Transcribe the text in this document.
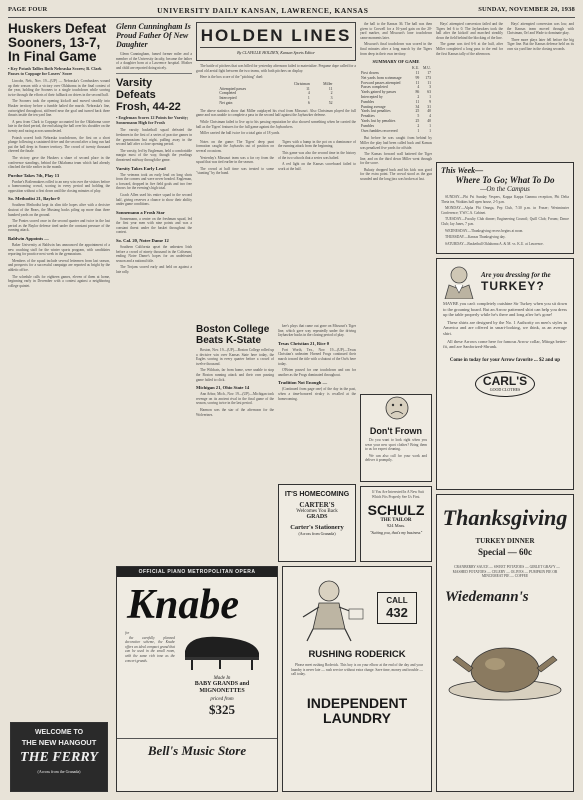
PAGE FOUR	UNIVERSITY DAILY KANSAN, LAWRENCE, KANSAS	SUNDAY, NOVEMBER 20, 1938
Huskers Defeat Sooners, 13-7, In Final Game
• Key Potash Tallies Both Nebraska Scores; B. Clark Passes to Coppage for Losers' Score

Lincoln, Neb., Nov. 19—(UP) — Nebraska's Cornhuskers wound up their season with a victory over Oklahoma in the final contest of the year, holding the Sooners to a single touchdown while scoring twice through the efforts of their fullback on drives in the second half.

The Sooners took the opening kickoff and moved steadily into Husker territory before a fumble halted the march. Nebraska's line, outweighed throughout, stiffened near the goal and turned back three thrusts inside the ten yard line.

A pass from Clark to Coppage accounted for the Oklahoma score late in the third period, the end taking the ball over his shoulder on the twenty and racing across unmolested.

Potash scored both Nebraska touchdowns, the first on a short plunge following a sustained drive and the second after a long run had put the ball deep in Sooner territory. The crowd of twenty thousand cheered the finale.

The victory gave the Huskers a share of second place in the conference standings, behind the Oklahoma team which had already clinched the title earlier in the month.

Purdue Takes 7th, Play 13

Purdue's Boilermakers rolled to an easy win over the visitors before a homecoming crowd, scoring in every period and holding the opposition without a first down until the closing minutes of play.

So. Methodist 21, Baylor 0

Southern Methodist kept its slim title hopes alive with a decisive shutout of the Bears, the Mustang backs piling up more than three hundred yards on the ground.

The Ponies scored once in the second quarter and twice in the last period as the Baylor defense tired under the constant pressure of the running attack.

Baldwin Appoints —

Baker University at Baldwin has announced the appointment of a new coaching staff for the winter sports program, with candidates reporting for practice next week in the gymnasium.

Members of the squad include several lettermen from last season, and prospects for a successful campaign are reported as bright by the athletic office.

The schedule calls for eighteen games, eleven of them at home, beginning early in December with a contest against a neighboring college quintet.

WELCOME TO
THE NEW HANGOUT
THE FERRY
(Across from the Granada)
Glenn Cunningham Is Proud Father Of New Daughter

Glenn Cunningham, famed former miler and a member of the University faculty, became the father of a daughter born at a Lawrence hospital. Mother and child are reported doing nicely.

Varsity Defeats Frosh, 44-22
• Engleman Scores 12 Points for Varsity; Sonnemann High for Frosh

The varsity basketball squad defeated the freshmen in the first of a series of practice games in the gymnasium last night, pulling away in the second half after a close opening period.

The varsity, led by Engleman, held a comfortable margin most of the way, though the yearlings threatened midway through the game.

Varsity Takes Early Lead

The veterans took an early lead on long shots from the corners and were never headed. Engleman, a forward, dropped in five field goals and two free throws for the evening's high total.

Coach Allen used his entire squad in the second half, giving reserves a chance to show their ability under game conditions.

Sonnemann a Frosh Star

Sonnemann, a center on the freshman squad, led the first year men with nine points and was a constant threat under the basket throughout the contest.

So. Cal. 20, Notre Dame 12

Southern California upset the unbeaten Irish before a crowd of ninety thousand in the Coliseum, ending Notre Dame's hopes for an undefeated season and a national title.

The Trojans scored early and held on against a late rally.

HOLDEN LINES
By CLAVELLE HOLDEN, Kansan Sports Editor

The battle of pitchers that was billed for yesterday afternoon failed to materialize. Pregame dope called for a good old aerial fight between the two teams, with both pitchers on display.

Here is the box score of the "pitching" duel:

	Christman	Miller
Attempted passes	11	11
Completed	4	2
Intercepted	1	3
Net gain	6	52

The above statistics show that Miller outplayed his rival from Missouri. Also Christman played the full game and was unable to complete a pass in the second half against the Jayhawker defense.

While Christman failed to live up to his passing reputation he also showed something when he carried the ball as the Tigers' features for the full game against the Jayhawkers.

Miller carried the ball twice for a total gain of 18 yards.

Notes on the game: The Tigers' deep punt formation caught the Jayhawks out of position on several occasions.

Yesterday's Missouri team was a far cry from the squad that was tied earlier in the season.

The crowd at half time was treated to some "stunting" by the band.

Tigers with a hump in the pot on a dominance of the running attack from the beginning.

This game was also the second time in the history of the two schools that a series was halted.

A red light on the Kansas scoreboard failed to work at the half.

Boston College Beats K-State

Boston, Nov. 19—(UP)—Boston College rolled up a decisive win over Kansas State here today, the Eagles scoring in every quarter before a crowd of twelve thousand.

The Wildcats, far from home, were unable to stop the Boston running attack and their own passing game failed to click.

Michigan 21, Ohio State 14

Ann Arbor, Mich., Nov. 19—(UP)—Michigan took revenge on its ancient rival in the final game of the season, scoring twice in the last period.

Harmon was the star of the afternoon for the Wolverines.

kee's plays that came out gone on Missouri's Tiger line, which gave way repeatedly under the driving Jayhawker backs in the closing period of play.

Texas Christian 21, Rice 0

Fort Worth, Tex., Nov. 19—(UP)—Texas Christian's unbeaten Horned Frogs continued their march toward the title with a shutout of the Owls here today.

O'Brien passed for one touchdown and ran for another as the Frogs dominated throughout.

Tradition Not Enough —

(Continued from page one) of the day in the past, when a time-honored rivalry is recalled at the homecoming.

the ball to the Kansas 36. The ball was then given to Crowell for a 16-yard gain on the 20-yard marker, and Missouri's lone touchdown came moments later.

Missouri's final touchdown was scored in the final minutes after a long march by the Tigers from deep in their own territory.

SUMMARY OF GAME
	K.U.	M.U.
First downs	11	17
Net yards from scrimmage	99	173
Forward passes attempted	11	11
Passes completed	4	3
Yards gained by passes	86	63
Intercepted by	2	1
Fumbles	11	9
Punting average	34	31
Yards lost penalties	25	40
Penalties	5	4
Yards lost by penalties	25	40
Fumbles	2	1
Own fumbles recovered	1	1

But before he was caught from behind by Miller the play had been called back and Kansas was penalized five yards for offside.

The Kansas forward wall battered the Tiger line, and on the third down Miller went through for the score.

Bukaty dropped back and his kick was good for the extra point. The crowd stood as the gun sounded and the long jinx was broken at last.

Hays' attempted conversion failed and the Tigers led 6 to 0. The Jayhawkers took the ball after the kickoff and marched steadily down the field behind the blocking of the line.

The game was tied 6-6 at the half, after Miller completed a long pass to the end for the first Kansas tally of the afternoon.

Hays' attempted conversion was low, and the Kansas team moved through with Christman, Orf and Wade to dominate play.

Three more plays later fell before the big Tiger line. But the Kansas defense held on its own six yard line in the closing seconds.

This Week—
Where To Go; What To Do
—On the Campus

SUNDAY—Phi Psi Sunday Vespers, Kappa Kappa Gamma reception, Phi Delta Theta tea, Watkins hall open house, 2-5 p.m.

MONDAY—Alpha Phi Omega, Pep Club, 7:30 p.m. in Fraser; Westminster Conference; Y.W.C.A. Cabinet.

TUESDAY—Faculty Club dinner; Engineering Council; Quill Club; Forum; Dance Club; Jay Janes, 7 p.m.

WEDNESDAY—Thanksgiving recess begins at noon.

THURSDAY—Kansas Thanksgiving day.

SATURDAY—Basketball Oklahoma A. & M. vs. K.U. at Lawrence.

Are you dressing for the
TURKEY?
MAYBE you can't completely outshine Sir Turkey when you sit down to the groaning board. But an Arrow patterned shirt can help you dress up the table properly while he's there and long after he's gone!

These shirts are designed by the No. 1 Authority on men's styles in America and are offered in smart-looking, we think, as an average shirt.

All these Arrows come here for famous Arrow collar, Mitoga better-fit, and are Sanforized-Shrunk.

Come in today for your Arrow favorite ... $2 and up
CARL'S
GOOD CLOTHES
Don't Frown

Do you want to look right when you wear your new sport clothes? Bring them to us for expert cleaning.

We can also call for your work and deliver it promptly.

If You Are Interested In A New Suit Which Fits Properly See Us First.

SCHULZ
THE TAILOR
924 Mass.
"Suiting you, that's my business"
IT'S HOMECOMING
CARTER'S
Welcomes You Back
GRADS
Carter's Stationery
(Across from Granada)
OFFICIAL PIANO METROPOLITAN OPERA
Knabe
for

the carefully planned decorative scheme, the Knabe offers an ideal compact grand that can be used in the small room, with the same rich tone as the concert grands.

Made In
BABY GRANDS and MIGNONETTES
priced from
$325
Bell's Music Store
CALL
432
RUSHING RODERICK

Please meet rushing Roderick. This boy is on your elbow at the end of the day and your laundry is never late — rush service without extra charge. Save time, money and trouble — call today.

INDEPENDENT
LAUNDRY
Thanksgiving
TURKEY DINNER
Special — 60c

CRANBERRY SAUCE — SWEET POTATOES — GIBLET GRAVY — MASHED POTATOES — CELERY — OLIVES — PUMPKIN PIE OR MINCEMEAT PIE — COFFEE

Wiedemann's
